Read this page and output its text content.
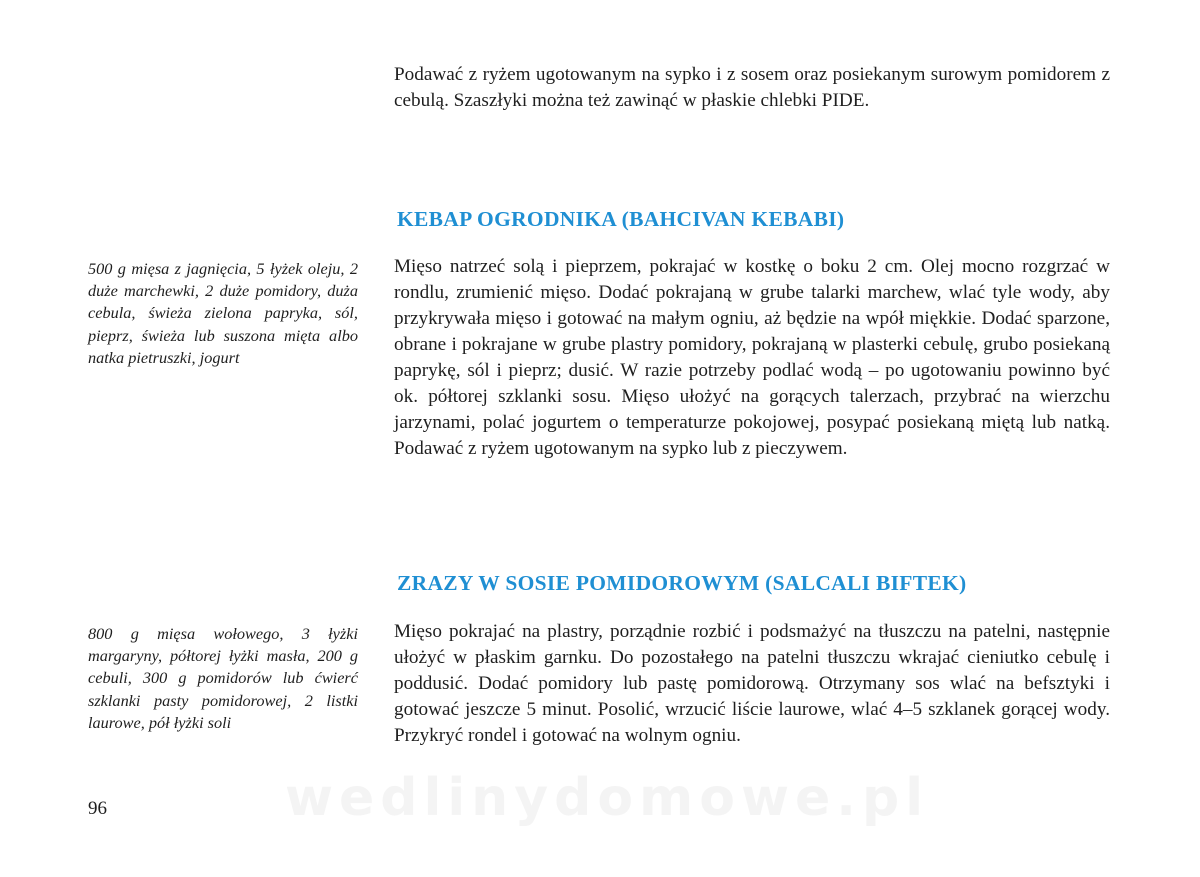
Podawać z ryżem ugotowanym na sypko i z sosem oraz posiekanym surowym pomidorem z cebulą. Szaszłyki można też zawinąć w płaskie chlebki PIDE.

KEBAP OGRODNIKA (BAHCIVAN KEBABI)
500 g mięsa z jagnięcia, 5 łyżek oleju, 2 duże marchewki, 2 duże pomidory, duża cebula, świeża zielona papryka, sól, pieprz, świeża lub suszona mięta albo natka pietruszki, jogurt

Mięso natrzeć solą i pieprzem, pokrajać w kostkę o boku 2 cm. Olej mocno rozgrzać w rondlu, zrumienić mięso. Dodać pokrajaną w grube talarki marchew, wlać tyle wody, aby przykrywała mięso i gotować na małym ogniu, aż będzie na wpół miękkie. Dodać sparzone, obrane i pokrajane w grube plastry pomidory, pokrajaną w plasterki cebulę, grubo posiekaną paprykę, sól i pieprz; dusić. W razie potrzeby podlać wodą – po ugotowaniu powinno być ok. półtorej szklanki sosu. Mięso ułożyć na gorących talerzach, przybrać na wierzchu jarzynami, polać jogurtem o temperaturze pokojowej, posypać posiekaną miętą lub natką. Podawać z ryżem ugotowanym na sypko lub z pieczywem.

ZRAZY W SOSIE POMIDOROWYM (SALCALI BIFTEK)
800 g mięsa wołowego, 3 łyżki margaryny, półtorej łyżki masła, 200 g cebuli, 300 g pomidorów lub ćwierć szklanki pasty pomidorowej, 2 listki laurowe, pół łyżki soli

Mięso pokrajać na plastry, porządnie rozbić i podsmażyć na tłuszczu na patelni, następnie ułożyć w płaskim garnku. Do pozostałego na patelni tłuszczu wkrajać cieniutko cebulę i poddusić. Dodać pomidory lub pastę pomidorową. Otrzymany sos wlać na befsztyki i gotować jeszcze 5 minut. Posolić, wrzucić liście laurowe, wlać 4–5 szklanek gorącej wody. Przykryć rondel i gotować na wolnym ogniu.

96	wedlinydomowe.pl
